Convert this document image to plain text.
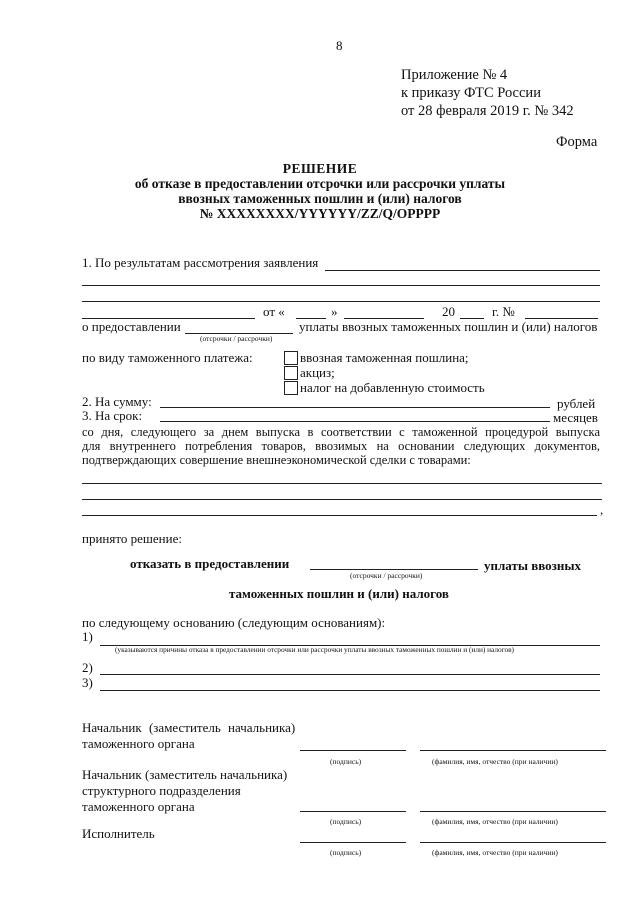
8
Приложение № 4
к приказу ФТС России
от 28 февраля 2019 г. № 342
Форма
РЕШЕНИЕ
об отказе в предоставлении отсрочки или рассрочки уплаты
ввозных таможенных пошлин и (или) налогов
№ XXXXXXXX/YYYYYY/ZZ/Q/OPPPP
1. По результатам рассмотрения заявления
от «	»	20	г. №
о предоставлении
(отсрочки / рассрочки)
уплаты ввозных таможенных пошлин и (или) налогов
по виду таможенного платежа:	ввозная таможенная пошлина;
акциз;
налог на добавленную стоимость
2. На сумму:	рублей
3. На срок:	месяцев
со дня, следующего за днем выпуска в соответствии с таможенной процедурой выпуска
для внутреннего потребления товаров, ввозимых на основании следующих документов,
подтверждающих совершение внешнеэкономической сделки с товарами:
,
принято решение:
отказать в предоставлении
(отсрочки / рассрочки)
уплаты ввозных
таможенных пошлин и (или) налогов
по следующему основанию (следующим основаниям):
1)
(указываются причины отказа в предоставлении отсрочки или рассрочки уплаты ввозных таможенных пошлин и (или) налогов)
2)
3)
Начальник (заместитель начальника)
таможенного органа
(подпись)	(фамилия, имя, отчество (при наличии)
Начальник (заместитель начальника)
структурного подразделения
таможенного органа
(подпись)	(фамилия, имя, отчество (при наличии)
Исполнитель
(подпись)	(фамилия, имя, отчество (при наличии)
